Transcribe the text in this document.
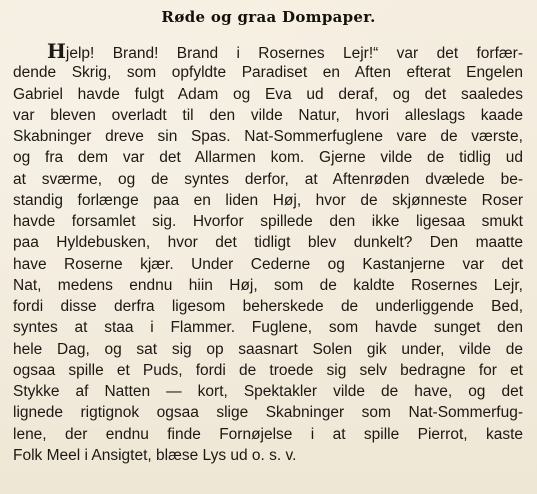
Røde og graa Dompaper.
Hjelp! Brand! Brand i Rosernes Lejr!“ var det forfær-
dende Skrig, som opfyldte Paradiset en Aften efterat Engelen
Gabriel havde fulgt Adam og Eva ud deraf, og det saaledes
var bleven overladt til den vilde Natur, hvori alleslags kaade
Skabninger dreve sin Spas. Nat-Sommerfuglene vare de værste,
og fra dem var det Allarmen kom. Gjerne vilde de tidlig ud
at sværme, og de syntes derfor, at Aftenrøden dvælede be-
standig forlænge paa en liden Høj, hvor de skjønneste Roser
havde forsamlet sig. Hvorfor spillede den ikke ligesaa smukt
paa Hyldebusken, hvor det tidligt blev dunkelt? Den maatte
have Roserne kjær. Under Cederne og Kastanjerne var det
Nat, medens endnu hiin Høj, som de kaldte Rosernes Lejr,
fordi disse derfra ligesom beherskede de underliggende Bed,
syntes at staa i Flammer. Fuglene, som havde sunget den
hele Dag, og sat sig op saasnart Solen gik under, vilde de
ogsaa spille et Puds, fordi de troede sig selv bedragne for et
Stykke af Natten — kort, Spektakler vilde de have, og det
lignede rigtignok ogsaa slige Skabninger som Nat-Sommerfug-
lene, der endnu finde Fornøjelse i at spille Pierrot, kaste
Folk Meel i Ansigtet, blæse Lys ud o. s. v.
